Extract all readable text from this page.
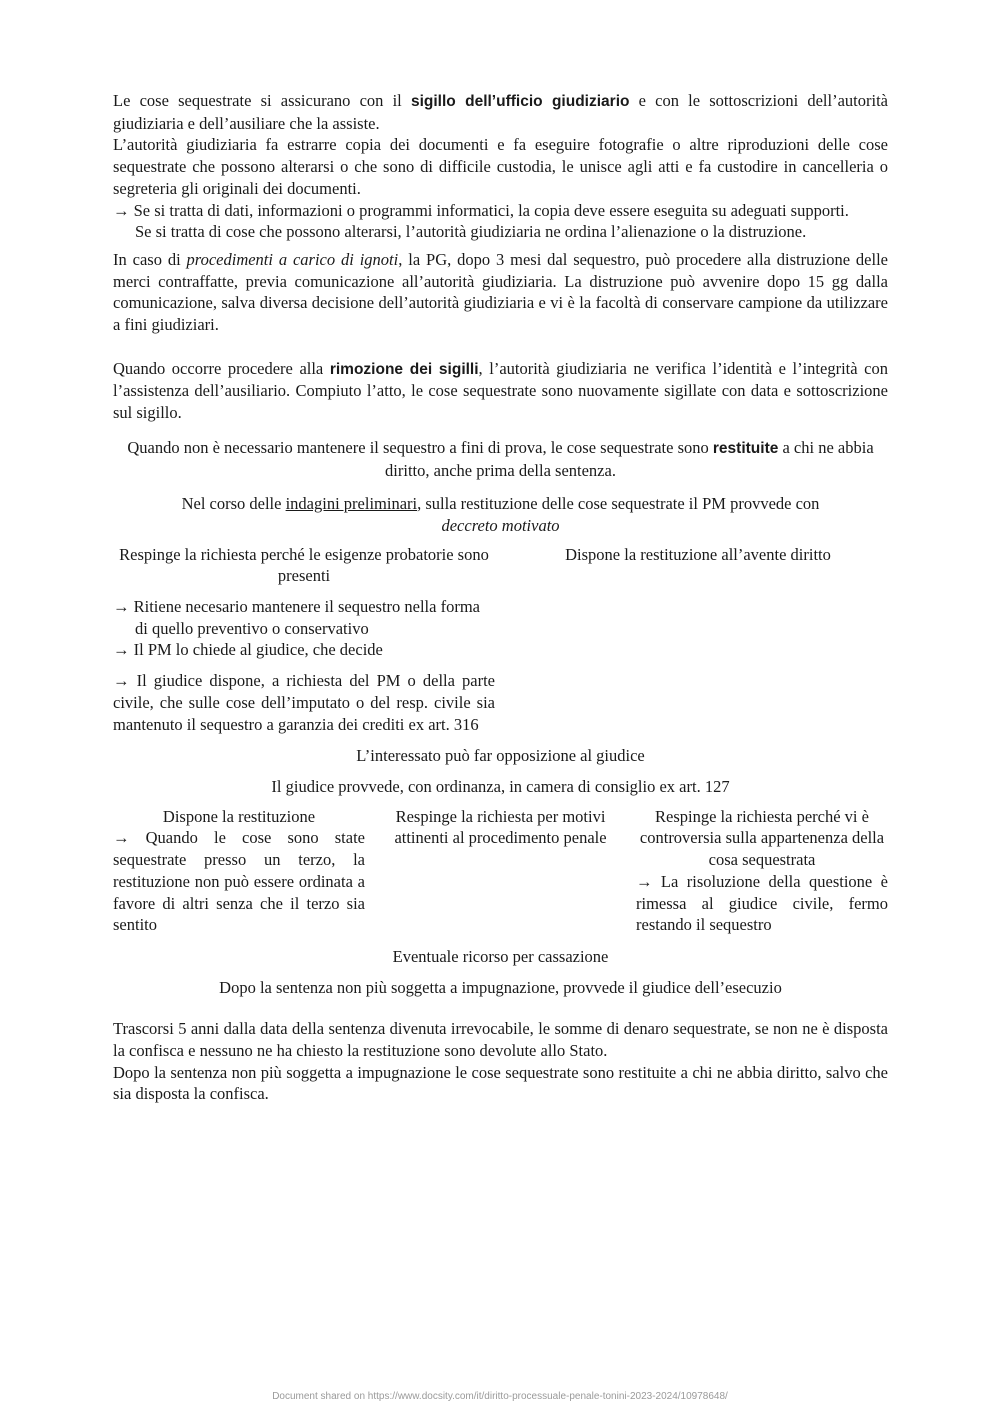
Le cose sequestrate si assicurano con il sigillo dell’ufficio giudiziario e con le sottoscrizioni dell’autorità giudiziaria e dell’ausiliare che la assiste.

L’autorità giudiziaria fa estrarre copia dei documenti e fa eseguire fotografie o altre riproduzioni delle cose sequestrate che possono alterarsi o che sono di difficile custodia, le unisce agli atti e fa custodire in cancelleria o segreteria gli originali dei documenti.

→ Se si tratta di dati, informazioni o programmi informatici, la copia deve essere eseguita su adeguati supporti.

Se si tratta di cose che possono alterarsi, l’autorità giudiziaria ne ordina l’alienazione o la distruzione.

In caso di procedimenti a carico di ignoti, la PG, dopo 3 mesi dal sequestro, può procedere alla distruzione delle merci contraffatte, previa comunicazione all’autorità giudiziaria. La distruzione può avvenire dopo 15 gg dalla comunicazione, salva diversa decisione dell’autorità giudiziaria e vi è la facoltà di conservare campione da utilizzare a fini giudiziari.

Quando occorre procedere alla rimozione dei sigilli, l’autorità giudiziaria ne verifica l’identità e l’integrità con l’assistenza dell’ausiliario. Compiuto l’atto, le cose sequestrate sono nuovamente sigillate con data e sottoscrizione sul sigillo.

Quando non è necessario mantenere il sequestro a fini di prova, le cose sequestrate sono restituite a chi ne abbia diritto, anche prima della sentenza.

Nel corso delle indagini preliminari, sulla restituzione delle cose sequestrate il PM provvede con
deccreto motivato

Respinge la richiesta perché le esigenze probatorie sono presenti

→ Ritiene necesario mantenere il sequestro nella forma di quello preventivo o conservativo

→ Il PM lo chiede al giudice, che decide

→ Il giudice dispone, a richiesta del PM o della parte civile, che sulle cose dell’imputato o del resp. civile sia mantenuto il sequestro a garanzia dei crediti ex art. 316

Dispone la restituzione all’avente diritto

L’interessato può far opposizione al giudice

Il giudice provvede, con ordinanza, in camera di consiglio ex art. 127

Dispone la restituzione

→ Quando le cose sono state sequestrate presso un terzo, la restituzione non può essere ordinata a favore di altri senza che il terzo sia sentito

Respinge la richiesta per motivi attinenti al procedimento penale

Respinge la richiesta perché vi è controversia sulla appartenenza della cosa sequestrata

→ La risoluzione della questione è rimessa al giudice civile, fermo restando il sequestro

Eventuale ricorso per cassazione

Dopo la sentenza non più soggetta a impugnazione, provvede il giudice dell’esecuzio

Trascorsi 5 anni dalla data della sentenza divenuta irrevocabile, le somme di denaro sequestrate, se non ne è disposta la confisca e nessuno ne ha chiesto la restituzione sono devolute allo Stato.

Dopo la sentenza non più soggetta a impugnazione le cose sequestrate sono restituite a chi ne abbia diritto, salvo che sia disposta la confisca.

Document shared on https://www.docsity.com/it/diritto-processuale-penale-tonini-2023-2024/10978648/
